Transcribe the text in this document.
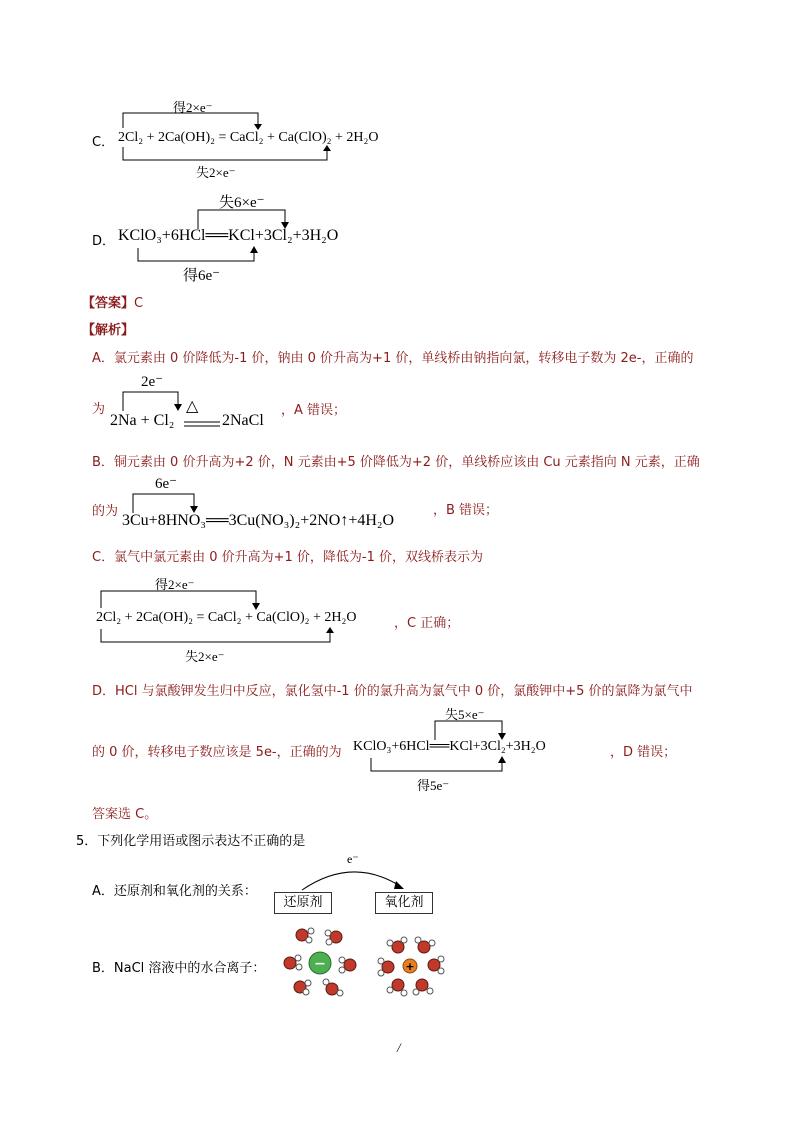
C．
得2×e⁻
2Cl₂ + 2Ca(OH)₂ = CaCl₂ + Ca(ClO)₂ + 2H₂O
失2×e⁻
D．
失6×e⁻
KClO₃+6HCl══KCl+3Cl₂+3H₂O
得6e⁻
【答案】C
【解析】
A．氯元素由 0 价降低为-1 价，钠由 0 价升高为+1 价，单线桥由钠指向氯，转移电子数为 2e-，正确的
为
2e⁻
2Na + Cl₂
△
2NaCl
，A 错误；
B．铜元素由 0 价升高为+2 价，N 元素由+5 价降低为+2 价，单线桥应该由 Cu 元素指向 N 元素，正确
的为
6e⁻
3Cu+8HNO₃══3Cu(NO₃)₂+2NO↑+4H₂O
，B 错误；
C．氯气中氯元素由 0 价升高为+1 价，降低为-1 价，双线桥表示为
得2×e⁻
2Cl₂ + 2Ca(OH)₂ = CaCl₂ + Ca(ClO)₂ + 2H₂O
失2×e⁻
，C 正确；
D．HCl 与氯酸钾发生归中反应，氯化氢中-1 价的氯升高为氯气中 0 价，氯酸钾中+5 价的氯降为氯气中
失5×e⁻
的 0 价，转移电子数应该是 5e-，正确的为 KClO₃+6HCl══KCl+3Cl₂+3H₂O	，D 错误；
得5e⁻
答案选 C。
5．下列化学用语或图示表达不正确的是
A．还原剂和氧化剂的关系：
e⁻
还原剂	氧化剂
B．NaCl 溶液中的水合离子：	−	+
/
